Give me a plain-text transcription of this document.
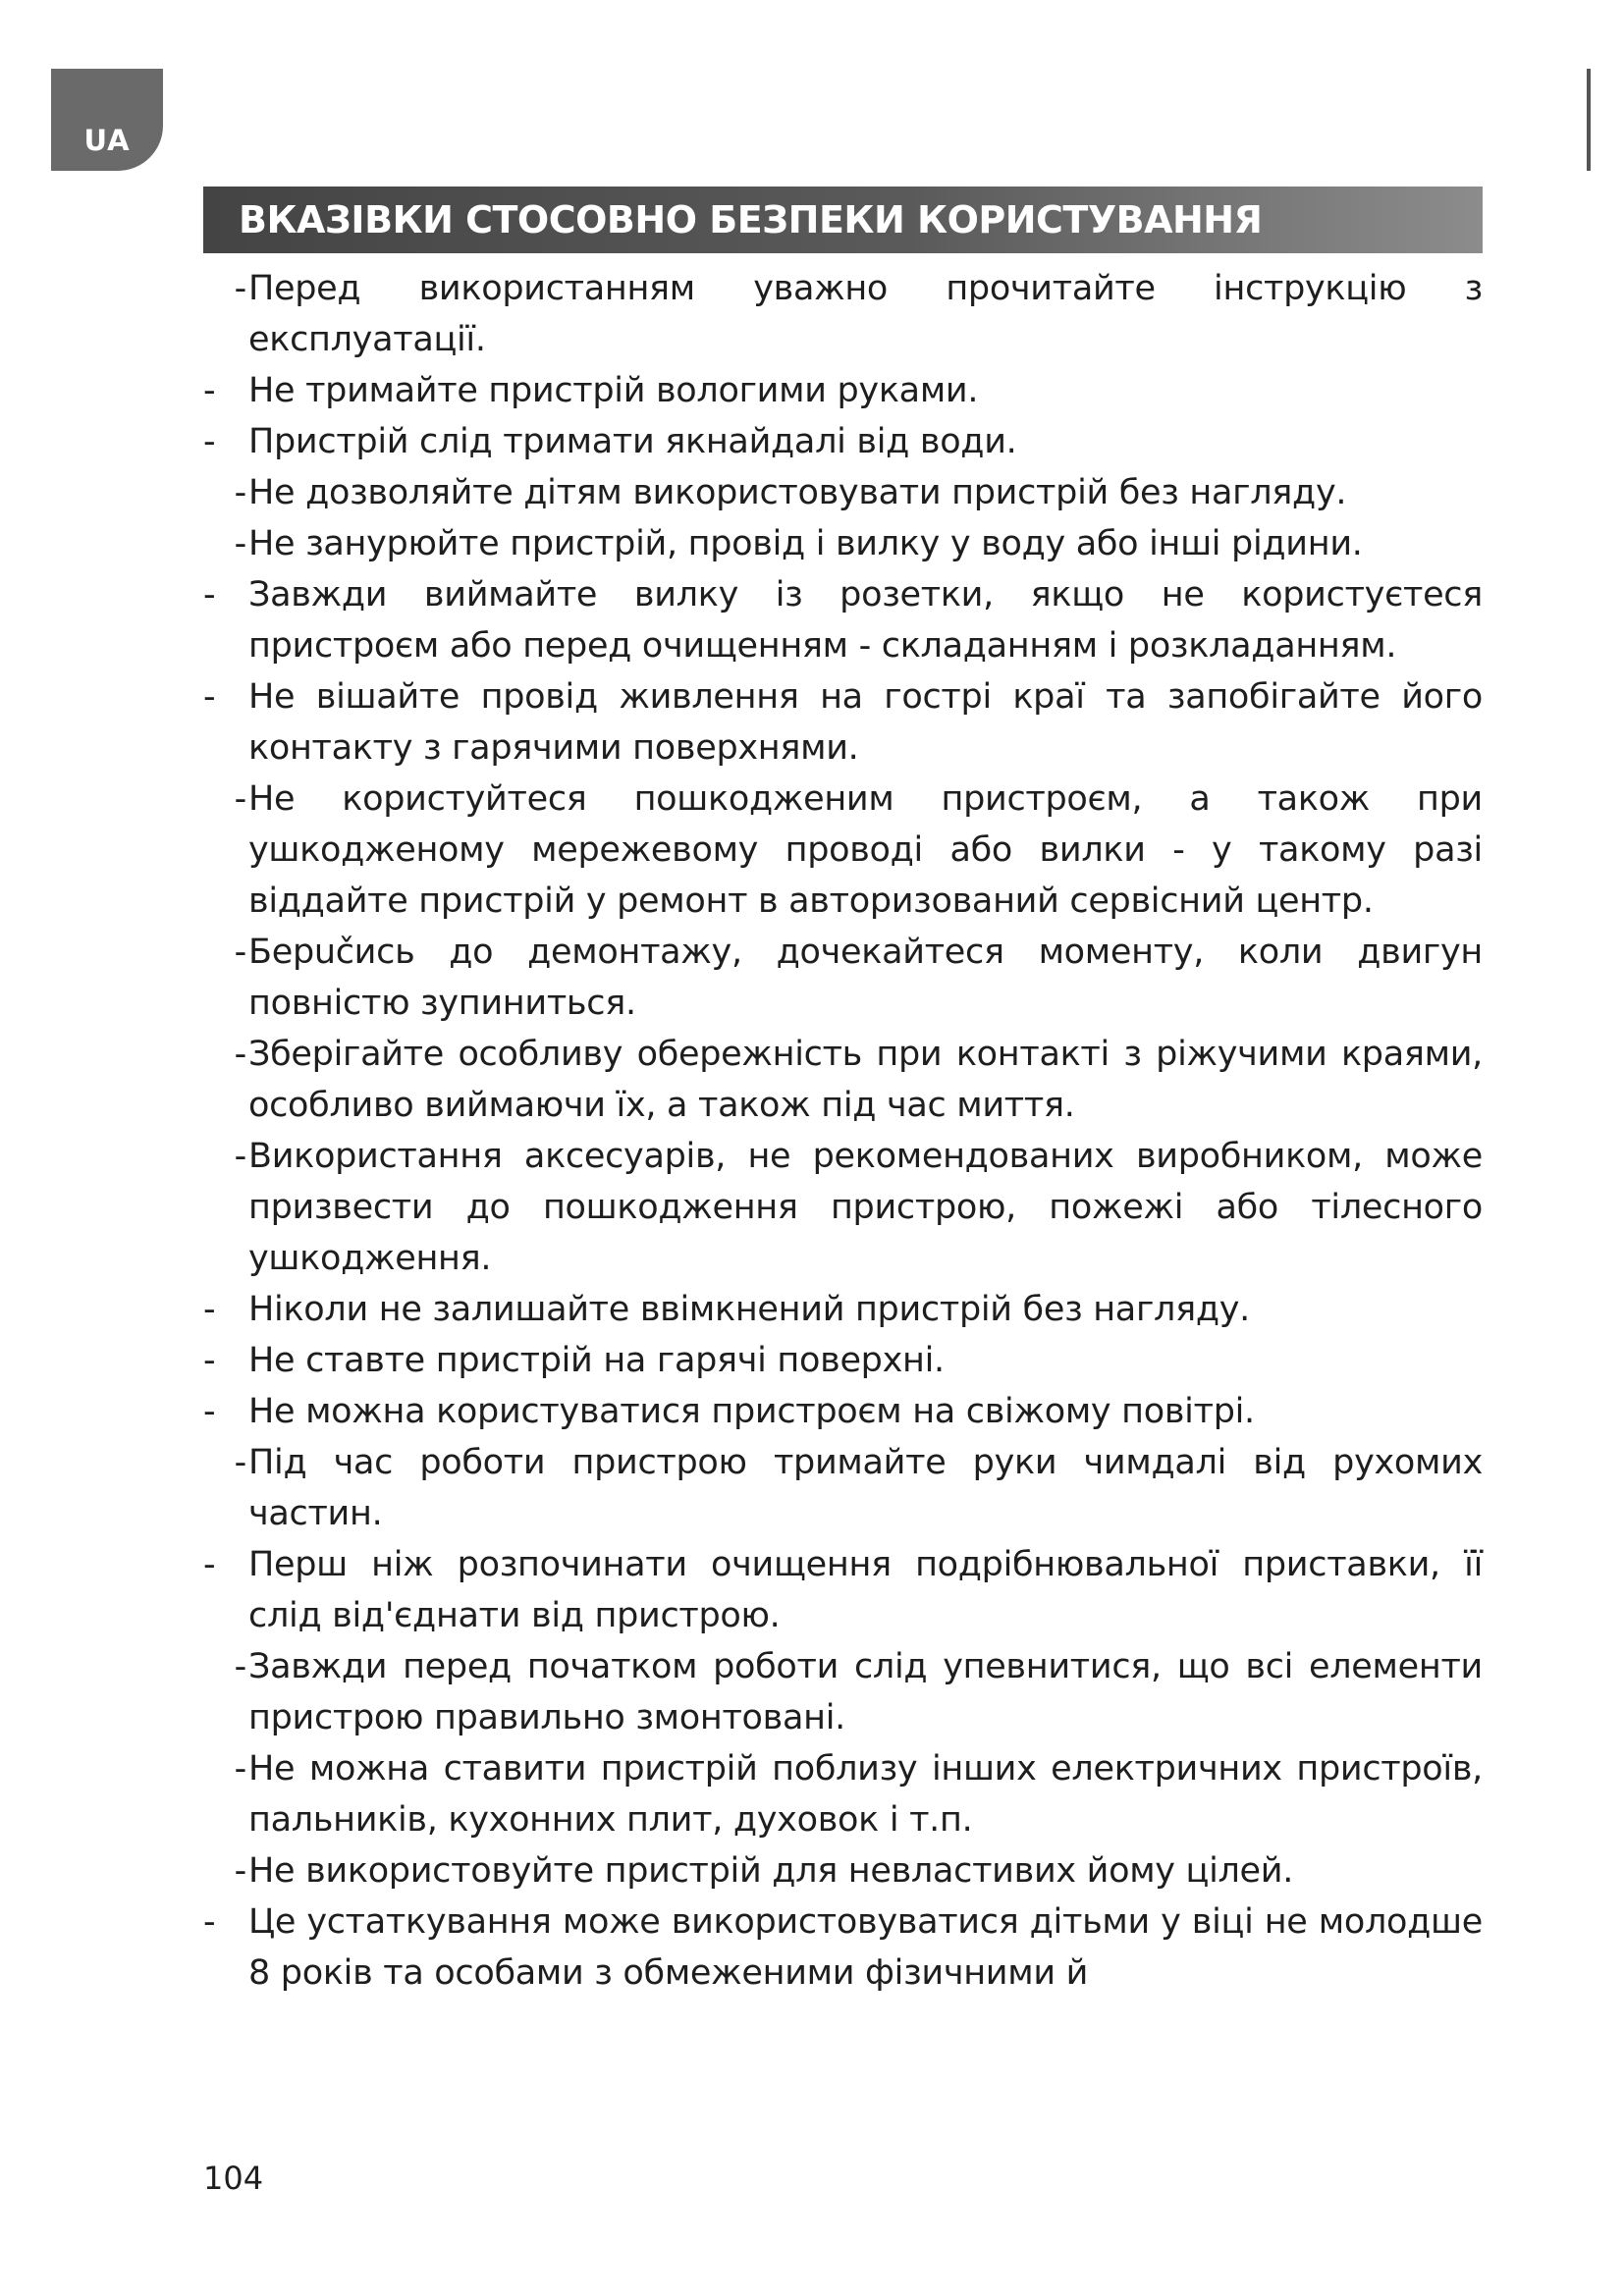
UA
ВКАЗІВКИ СТОСОВНО БЕЗПЕКИ КОРИСТУВАННЯ
- Перед використанням уважно прочитайте інструкцію з експлуатації.
- Не тримайте пристрій вологими руками.
- Пристрій слід тримати якнайдалі від води.
- Не дозволяйте дітям використовувати пристрій без нагляду.
- Не занурюйте пристрій, провід і вилку у воду або інші рідини.
- Завжди виймайте вилку із розетки, якщо не користуєтеся пристроєм або перед очищенням - складанням і розкладанням.
- Не вішайте провід живлення на гострі краї та запобігайте його контакту з гарячими поверхнями.
- Не користуйтеся пошкодженим пристроєм, а також при ушкодженому мережевому проводі або вилки - у такому разі віддайте пристрій у ремонт в авторизований сервісний центр.
- Берučись до демонтажу, дочекайтеся моменту, коли двигун повністю зупиниться.
- Зберігайте особливу обережність при контакті з ріжучими краями, особливо виймаючи їх, а також під час миття.
- Використання аксесуарів, не рекомендованих виробником, може призвести до пошкодження пристрою, пожежі або тілесного ушкодження.
- Ніколи не залишайте ввімкнений пристрій без нагляду.
- Не ставте пристрій на гарячі поверхні.
- Не можна користуватися пристроєм на свіжому повітрі.
- Під час роботи пристрою тримайте руки чимдалі від рухомих частин.
- Перш ніж розпочинати очищення подрібнювальної приставки, її слід від'єднати від пристрою.
- Завжди перед початком роботи слід упевнитися, що всі елементи пристрою правильно змонтовані.
- Не можна ставити пристрій поблизу інших електричних пристроїв, пальників, кухонних плит, духовок і т.п.
- Не використовуйте пристрій для невластивих йому цілей.
- Це устаткування може використовуватися дітьми у віці не молодше 8 років та особами з обмеженими фізичними й
104
